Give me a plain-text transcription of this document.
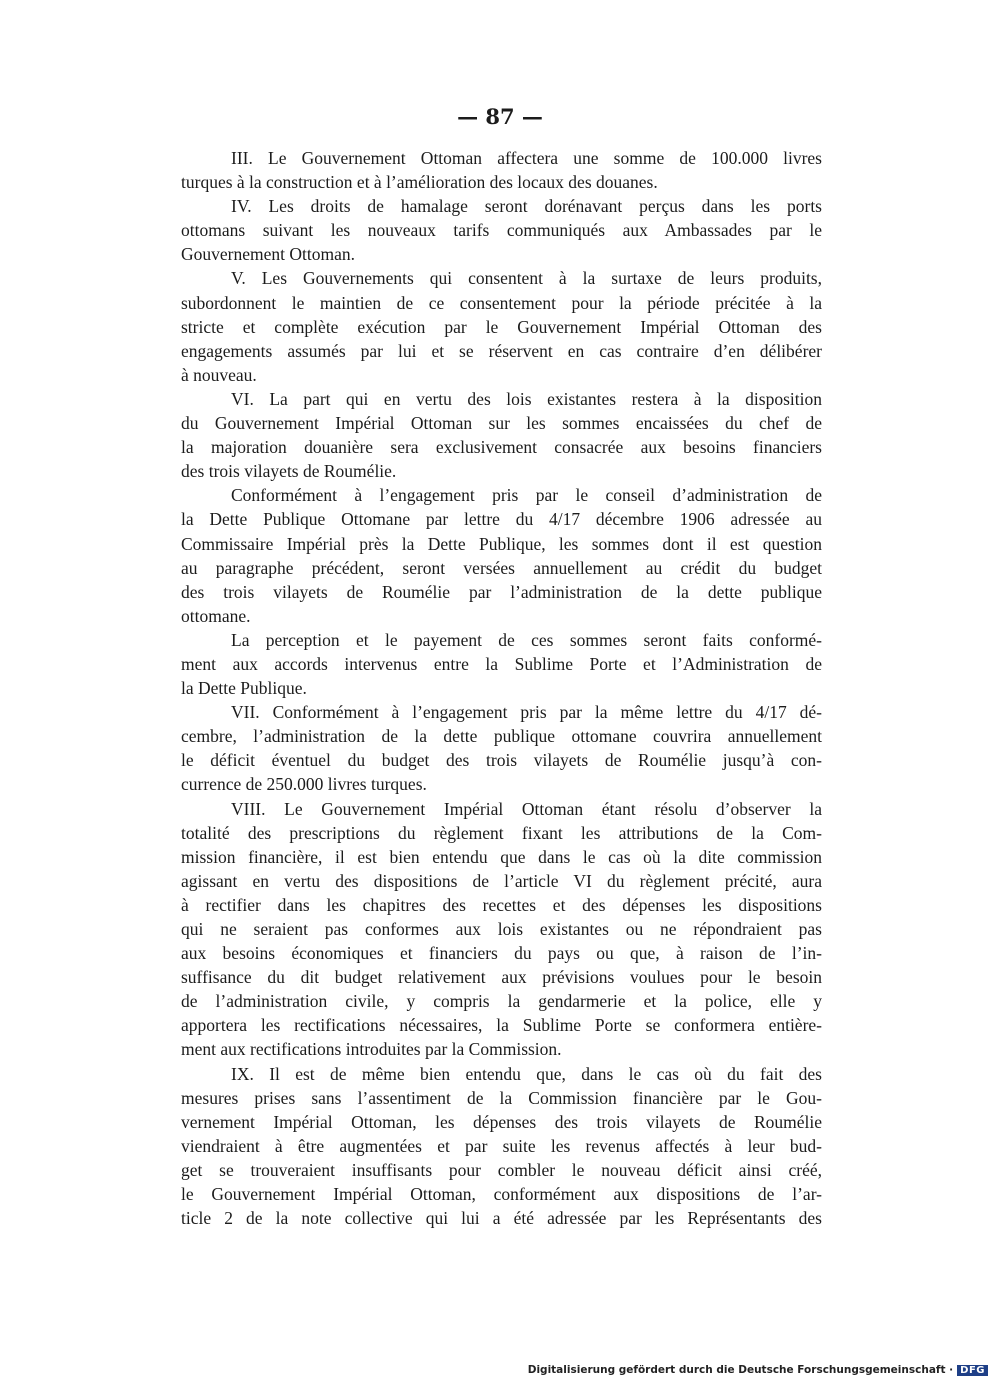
— 87 —
III. Le Gouvernement Ottoman affectera une somme de 100.000 livres
turques à la construction et à l’amélioration des locaux des douanes.
IV. Les droits de hamalage seront dorénavant perçus dans les ports
ottomans suivant les nouveaux tarifs communiqués aux Ambassades par le
Gouvernement Ottoman.
V. Les Gouvernements qui consentent à la surtaxe de leurs produits,
subordonnent le maintien de ce consentement pour la période précitée à la
stricte et complète exécution par le Gouvernement Impérial Ottoman des
engagements assumés par lui et se réservent en cas contraire d’en délibérer
à nouveau.
VI. La part qui en vertu des lois existantes restera à la disposition
du Gouvernement Impérial Ottoman sur les sommes encaissées du chef de
la majoration douanière sera exclusivement consacrée aux besoins financiers
des trois vilayets de Roumélie.
Conformément à l’engagement pris par le conseil d’administration de
la Dette Publique Ottomane par lettre du 4/17 décembre 1906 adressée au
Commissaire Impérial près la Dette Publique, les sommes dont il est question
au paragraphe précédent, seront versées annuellement au crédit du budget
des trois vilayets de Roumélie par l’administration de la dette publique
ottomane.
La perception et le payement de ces sommes seront faits conformé-
ment aux accords intervenus entre la Sublime Porte et l’Administration de
la Dette Publique.
VII. Conformément à l’engagement pris par la même lettre du 4/17 dé-
cembre, l’administration de la dette publique ottomane couvrira annuellement
le déficit éventuel du budget des trois vilayets de Roumélie jusqu’à con-
currence de 250.000 livres turques.
VIII. Le Gouvernement Impérial Ottoman étant résolu d’observer la
totalité des prescriptions du règlement fixant les attributions de la Com-
mission financière, il est bien entendu que dans le cas où la dite commission
agissant en vertu des dispositions de l’article VI du règlement précité, aura
à rectifier dans les chapitres des recettes et des dépenses les dispositions
qui ne seraient pas conformes aux lois existantes ou ne répondraient pas
aux besoins économiques et financiers du pays ou que, à raison de l’in-
suffisance du dit budget relativement aux prévisions voulues pour le besoin
de l’administration civile, y compris la gendarmerie et la police, elle y
apportera les rectifications nécessaires, la Sublime Porte se conformera entière-
ment aux rectifications introduites par la Commission.
IX. Il est de même bien entendu que, dans le cas où du fait des
mesures prises sans l’assentiment de la Commission financière par le Gou-
vernement Impérial Ottoman, les dépenses des trois vilayets de Roumélie
viendraient à être augmentées et par suite les revenus affectés à leur bud-
get se trouveraient insuffisants pour combler le nouveau déficit ainsi créé,
le Gouvernement Impérial Ottoman, conformément aux dispositions de l’ar-
ticle 2 de la note collective qui lui a été adressée par les Représentants des
Digitalisierung gefördert durch die Deutsche Forschungsgemeinschaft · DFG
